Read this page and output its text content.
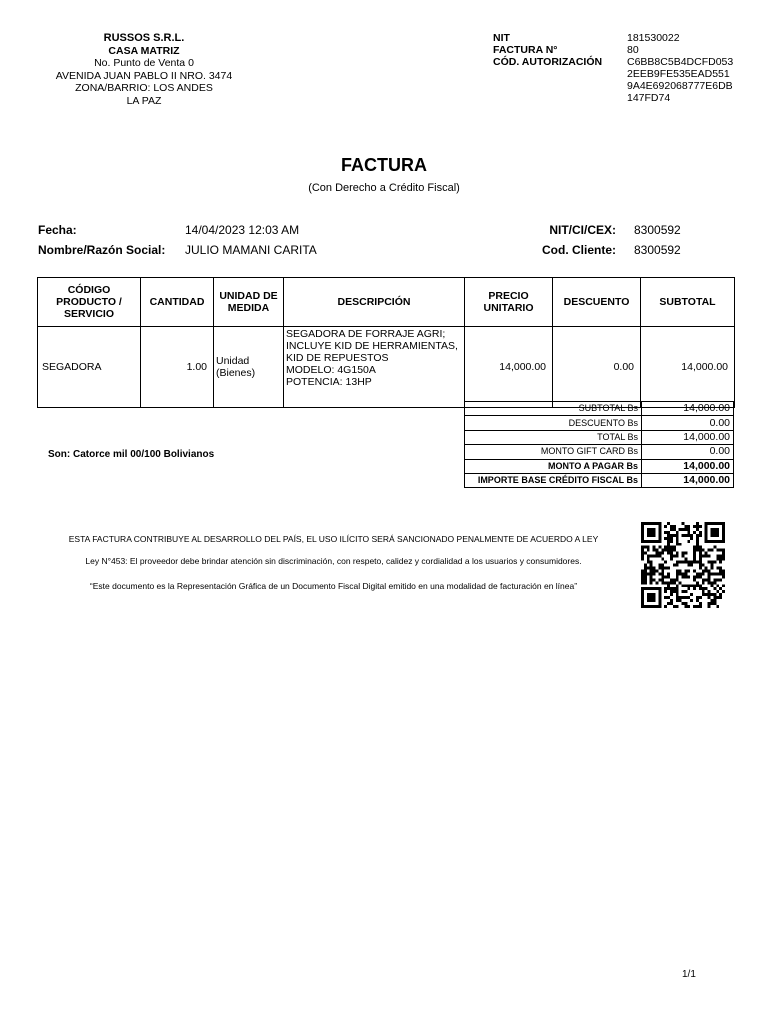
RUSSOS S.R.L.
CASA MATRIZ
No. Punto de Venta 0
AVENIDA JUAN PABLO II NRO. 3474
ZONA/BARRIO: LOS ANDES
LA PAZ
NIT	181530022
FACTURA N°	80
CÓD. AUTORIZACIÓN	C6BB8C5B4DCFD053
2EEB9FE535EAD551
9A4E692068777E6DB
147FD74
FACTURA
(Con Derecho a Crédito Fiscal)
Fecha:	14/04/2023 12:03 AM
Nombre/Razón Social: JULIO MAMANI CARITA
NIT/CI/CEX: 8300592
Cod. Cliente: 8300592
CÓDIGO PRODUCTO / SERVICIO	CANTIDAD	UNIDAD DE MEDIDA	DESCRIPCIÓN	PRECIO UNITARIO	DESCUENTO	SUBTOTAL
SEGADORA	1.00	Unidad (Bienes)	SEGADORA DE FORRAJE AGRI; INCLUYE KID DE HERRAMIENTAS, KID DE REPUESTOS
MODELO: 4G150A
POTENCIA: 13HP	14,000.00	0.00	14,000.00
SUBTOTAL Bs	14,000.00
DESCUENTO Bs	0.00
TOTAL Bs	14,000.00
MONTO GIFT CARD Bs	0.00
MONTO A PAGAR Bs	14,000.00
IMPORTE BASE CRÉDITO FISCAL Bs	14,000.00
Son: Catorce mil 00/100 Bolivianos
ESTA FACTURA CONTRIBUYE AL DESARROLLO DEL PAÍS, EL USO ILÍCITO SERÁ SANCIONADO PENALMENTE DE ACUERDO A LEY
Ley N°453: El proveedor debe brindar atención sin discriminación, con respeto, calidez y cordialidad a los usuarios y consumidores.
“Este documento es la Representación Gráfica de un Documento Fiscal Digital emitido en una modalidad de facturación en línea”
1/1
